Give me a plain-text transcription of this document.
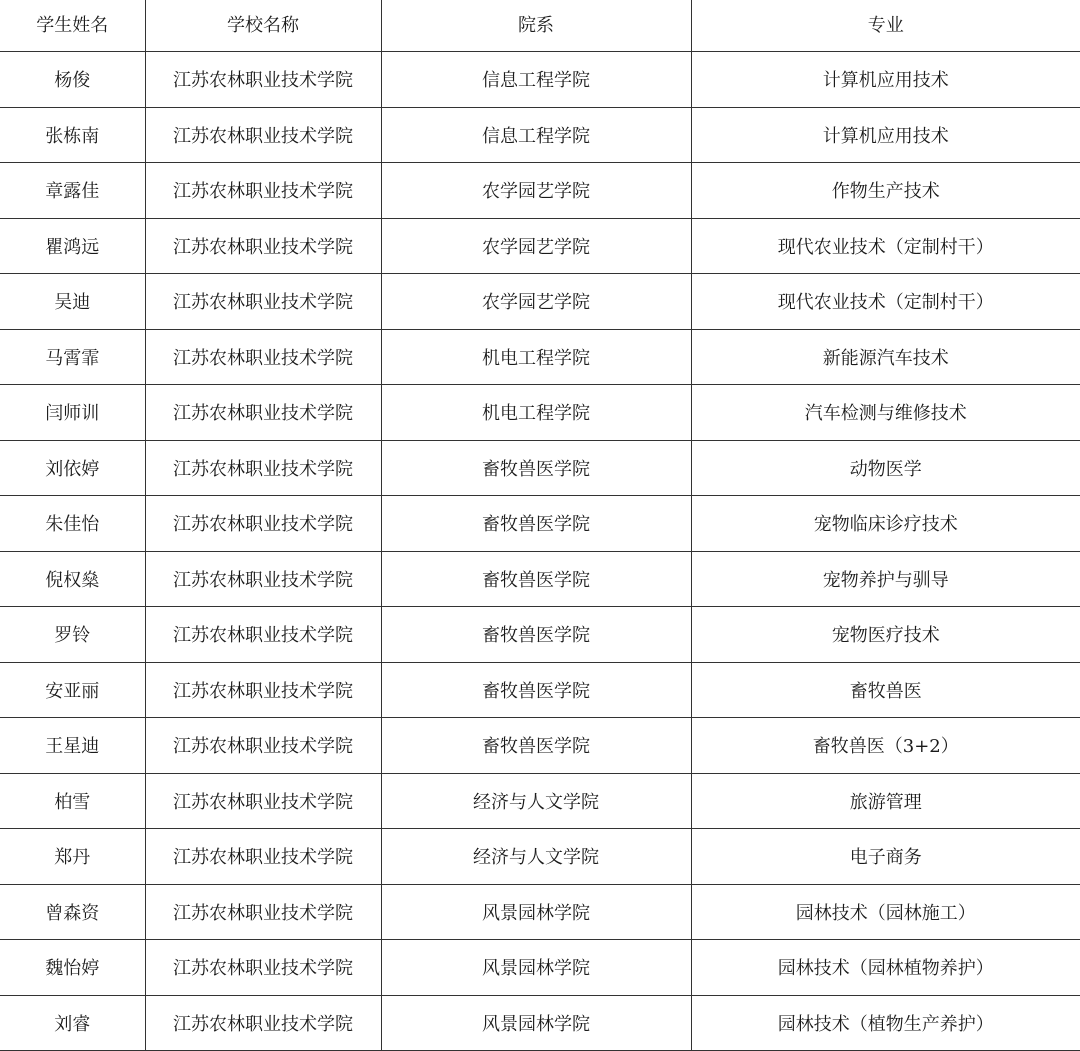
学生姓名	学校名称	院系	专业
杨俊	江苏农林职业技术学院	信息工程学院	计算机应用技术
张栋南	江苏农林职业技术学院	信息工程学院	计算机应用技术
章露佳	江苏农林职业技术学院	农学园艺学院	作物生产技术
瞿鸿远	江苏农林职业技术学院	农学园艺学院	现代农业技术（定制村干）
吴迪	江苏农林职业技术学院	农学园艺学院	现代农业技术（定制村干）
马霄霏	江苏农林职业技术学院	机电工程学院	新能源汽车技术
闫师训	江苏农林职业技术学院	机电工程学院	汽车检测与维修技术
刘依婷	江苏农林职业技术学院	畜牧兽医学院	动物医学
朱佳怡	江苏农林职业技术学院	畜牧兽医学院	宠物临床诊疗技术
倪权燊	江苏农林职业技术学院	畜牧兽医学院	宠物养护与驯导
罗铃	江苏农林职业技术学院	畜牧兽医学院	宠物医疗技术
安亚丽	江苏农林职业技术学院	畜牧兽医学院	畜牧兽医
王星迪	江苏农林职业技术学院	畜牧兽医学院	畜牧兽医（3+2）
柏雪	江苏农林职业技术学院	经济与人文学院	旅游管理
郑丹	江苏农林职业技术学院	经济与人文学院	电子商务
曾森资	江苏农林职业技术学院	风景园林学院	园林技术（园林施工）
魏怡婷	江苏农林职业技术学院	风景园林学院	园林技术（园林植物养护）
刘睿	江苏农林职业技术学院	风景园林学院	园林技术（植物生产养护）
